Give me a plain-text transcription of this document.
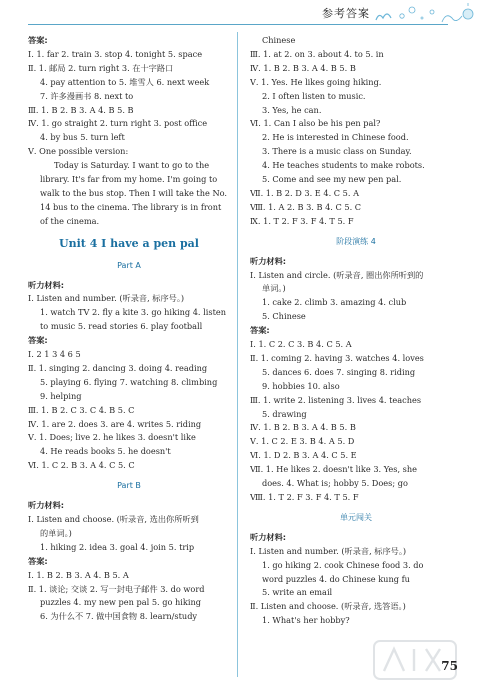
参考答案
答案:
Ⅰ. 1. far 2. train 3. stop 4. tonight 5. space
Ⅱ. 1. 邮局 2. turn right 3. 在十字路口
4. pay attention to 5. 堆雪人 6. next week
7. 许多漫画书 8. next to
Ⅲ. 1. B 2. B 3. A 4. B 5. B
Ⅳ. 1. go straight 2. turn right 3. post office
4. by bus 5. turn left
Ⅴ. One possible version:
Today is Saturday. I want to go to the library. It's far from my home. I'm going to walk to the bus stop. Then I will take the No. 14 bus to the cinema. The library is in front of the cinema.
Unit 4 I have a pen pal
Part A
听力材料:
Ⅰ. Listen and number. (听录音, 标序号。)
1. watch TV 2. fly a kite 3. go hiking 4. listen
to music 5. read stories 6. play football
答案:
Ⅰ. 2 1 3 4 6 5
Ⅱ. 1. singing 2. dancing 3. doing 4. reading
5. playing 6. flying 7. watching 8. climbing
9. helping
Ⅲ. 1. B 2. C 3. C 4. B 5. C
Ⅳ. 1. are 2. does 3. are 4. writes 5. riding
Ⅴ. 1. Does; live 2. he likes 3. doesn't like
4. He reads books 5. he doesn't
Ⅵ. 1. C 2. B 3. A 4. C 5. C
Part B
听力材料:
Ⅰ. Listen and choose. (听录音, 选出你所听到
的单词。)
1. hiking 2. idea 3. goal 4. join 5. trip
答案:
Ⅰ. 1. B 2. B 3. A 4. B 5. A
Ⅱ. 1. 谈论; 交谈 2. 写一封电子邮件 3. do word
puzzles 4. my new pen pal 5. go hiking
6. 为什么不 7. 做中国食物 8. learn/study
Chinese
Ⅲ. 1. at 2. on 3. about 4. to 5. in
Ⅳ. 1. B 2. B 3. A 4. B 5. B
Ⅴ. 1. Yes. He likes going hiking.
2. I often listen to music.
3. Yes, he can.
Ⅵ. 1. Can I also be his pen pal?
2. He is interested in Chinese food.
3. There is a music class on Sunday.
4. He teaches students to make robots.
5. Come and see my new pen pal.
Ⅶ. 1. B 2. D 3. E 4. C 5. A
Ⅷ. 1. A 2. B 3. B 4. C 5. C
Ⅸ. 1. T 2. F 3. F 4. T 5. F
阶段演练 4
听力材料:
Ⅰ. Listen and circle. (听录音, 圈出你所听到的
单词。)
1. cake 2. climb 3. amazing 4. club
5. Chinese
答案:
Ⅰ. 1. C 2. C 3. B 4. C 5. A
Ⅱ. 1. coming 2. having 3. watches 4. loves
5. dances 6. does 7. singing 8. riding
9. hobbies 10. also
Ⅲ. 1. write 2. listening 3. lives 4. teaches
5. drawing
Ⅳ. 1. B 2. B 3. A 4. B 5. B
Ⅴ. 1. C 2. E 3. B 4. A 5. D
Ⅵ. 1. D 2. B 3. A 4. C 5. E
Ⅶ. 1. He likes 2. doesn't like 3. Yes, she
does. 4. What is; hobby 5. Does; go
Ⅷ. 1. T 2. F 3. F 4. T 5. F
单元闯关
听力材料:
Ⅰ. Listen and number. (听录音, 标序号。)
1. go hiking 2. cook Chinese food 3. do
word puzzles 4. do Chinese kung fu
5. write an email
Ⅱ. Listen and choose. (听录音, 选答语。)
1. What's her hobby?
75
